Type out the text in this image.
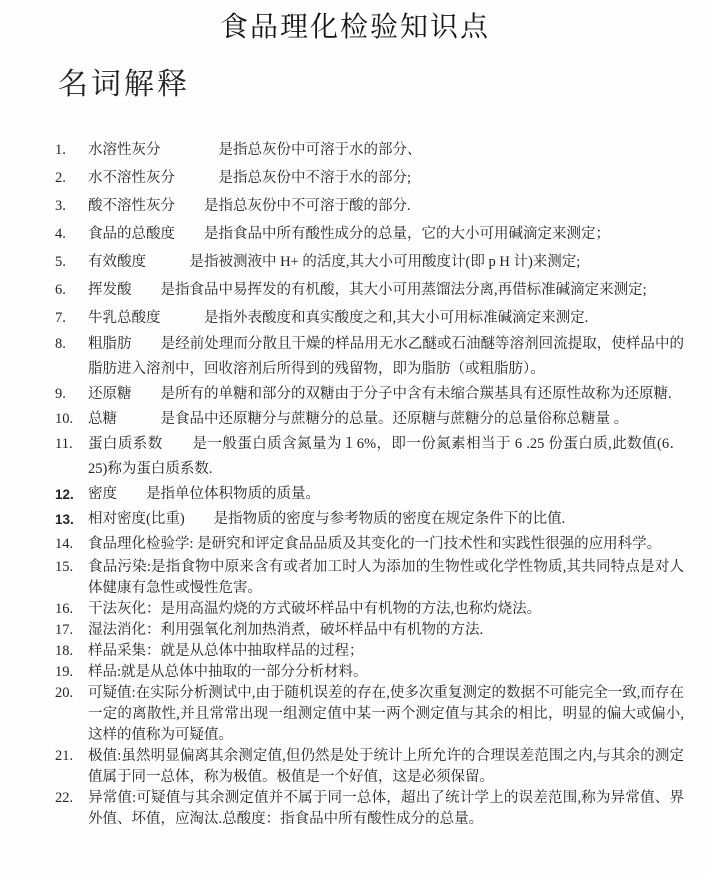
食品理化检验知识点
名词解释
1.	水溶性灰分　　　　是指总灰份中可溶于水的部分、
2.	水不溶性灰分　　　是指总灰份中不溶于水的部分;
3.	酸不溶性灰分　　是指总灰份中不可溶于酸的部分.
4.	食品的总酸度　　是指食品中所有酸性成分的总量，它的大小可用碱滴定来测定；
5.	有效酸度　　　是指被测液中 H+ 的活度,其大小可用酸度计(即 p H 计)来测定;
6.	挥发酸　　是指食品中易挥发的有机酸，其大小可用蒸馏法分离,再借标准碱滴定来测定;
7.	牛乳总酸度　　　是指外表酸度和真实酸度之和,其大小可用标准碱滴定来测定.
8.	粗脂肪　　是经前处理而分散且干燥的样品用无水乙醚或石油醚等溶剂回流提取，使样品中的脂肪进入溶剂中，回收溶剂后所得到的残留物，即为脂肪（或粗脂肪）。
9.	还原糖　　是所有的单糖和部分的双糖由于分子中含有未缩合羰基具有还原性故称为还原糖.
10.	总糖　　　是食品中还原糖分与蔗糖分的总量。还原糖与蔗糖分的总量俗称总糖量 。
11.	蛋白质系数　　是一般蛋白质含氮量为１6%，即一份氮素相当于 6 .25 份蛋白质,此数值(6．25)称为蛋白质系数.
12. 密度　　是指单位体积物质的质量。
13. 相对密度(比重)　　是指物质的密度与参考物质的密度在规定条件下的比值.
14.	食品理化检验学: 是研究和评定食品品质及其变化的一门技术性和实践性很强的应用科学。
15.	食品污染:是指食物中原来含有或者加工时人为添加的生物性或化学性物质,其共同特点是对人体健康有急性或慢性危害。
16.	干法灰化：是用高温灼烧的方式破坏样品中有机物的方法,也称灼烧法。
17.	湿法消化：利用强氧化剂加热消煮，破坏样品中有机物的方法.
18.	样品采集：就是从总体中抽取样品的过程；
19.	样品:就是从总体中抽取的一部分分析材料。
20.	可疑值:在实际分析测试中,由于随机误差的存在,使多次重复测定的数据不可能完全一致,而存在一定的离散性,并且常常出现一组测定值中某一两个测定值与其余的相比，明显的偏大或偏小,这样的值称为可疑值。
21.	极值:虽然明显偏离其余测定值,但仍然是处于统计上所允许的合理误差范围之内,与其余的测定值属于同一总体，称为极值。极值是一个好值，这是必须保留。
22.	异常值:可疑值与其余测定值并不属于同一总体，超出了统计学上的误差范围,称为异常值、界外值、坏值，应淘汰.总酸度：指食品中所有酸性成分的总量。
